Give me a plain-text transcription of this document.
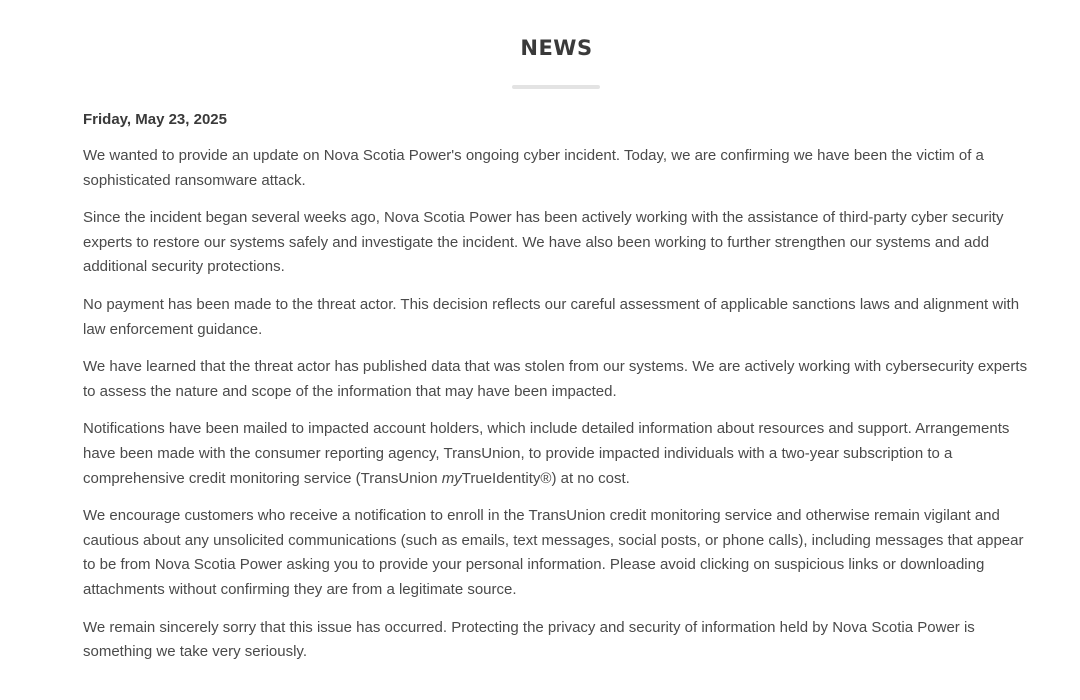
NEWS

Friday, May 23, 2025

We wanted to provide an update on Nova Scotia Power's ongoing cyber incident. Today, we are confirming we have been the victim of a sophisticated ransomware attack.

Since the incident began several weeks ago, Nova Scotia Power has been actively working with the assistance of third-party cyber security experts to restore our systems safely and investigate the incident. We have also been working to further strengthen our systems and add additional security protections.

No payment has been made to the threat actor. This decision reflects our careful assessment of applicable sanctions laws and alignment with law enforcement guidance.

We have learned that the threat actor has published data that was stolen from our systems. We are actively working with cybersecurity experts to assess the nature and scope of the information that may have been impacted.

Notifications have been mailed to impacted account holders, which include detailed information about resources and support. Arrangements have been made with the consumer reporting agency, TransUnion, to provide impacted individuals with a two-year subscription to a comprehensive credit monitoring service (TransUnion myTrueIdentity®) at no cost.

We encourage customers who receive a notification to enroll in the TransUnion credit monitoring service and otherwise remain vigilant and cautious about any unsolicited communications (such as emails, text messages, social posts, or phone calls), including messages that appear to be from Nova Scotia Power asking you to provide your personal information. Please avoid clicking on suspicious links or downloading attachments without confirming they are from a legitimate source.

We remain sincerely sorry that this issue has occurred. Protecting the privacy and security of information held by Nova Scotia Power is something we take very seriously.
